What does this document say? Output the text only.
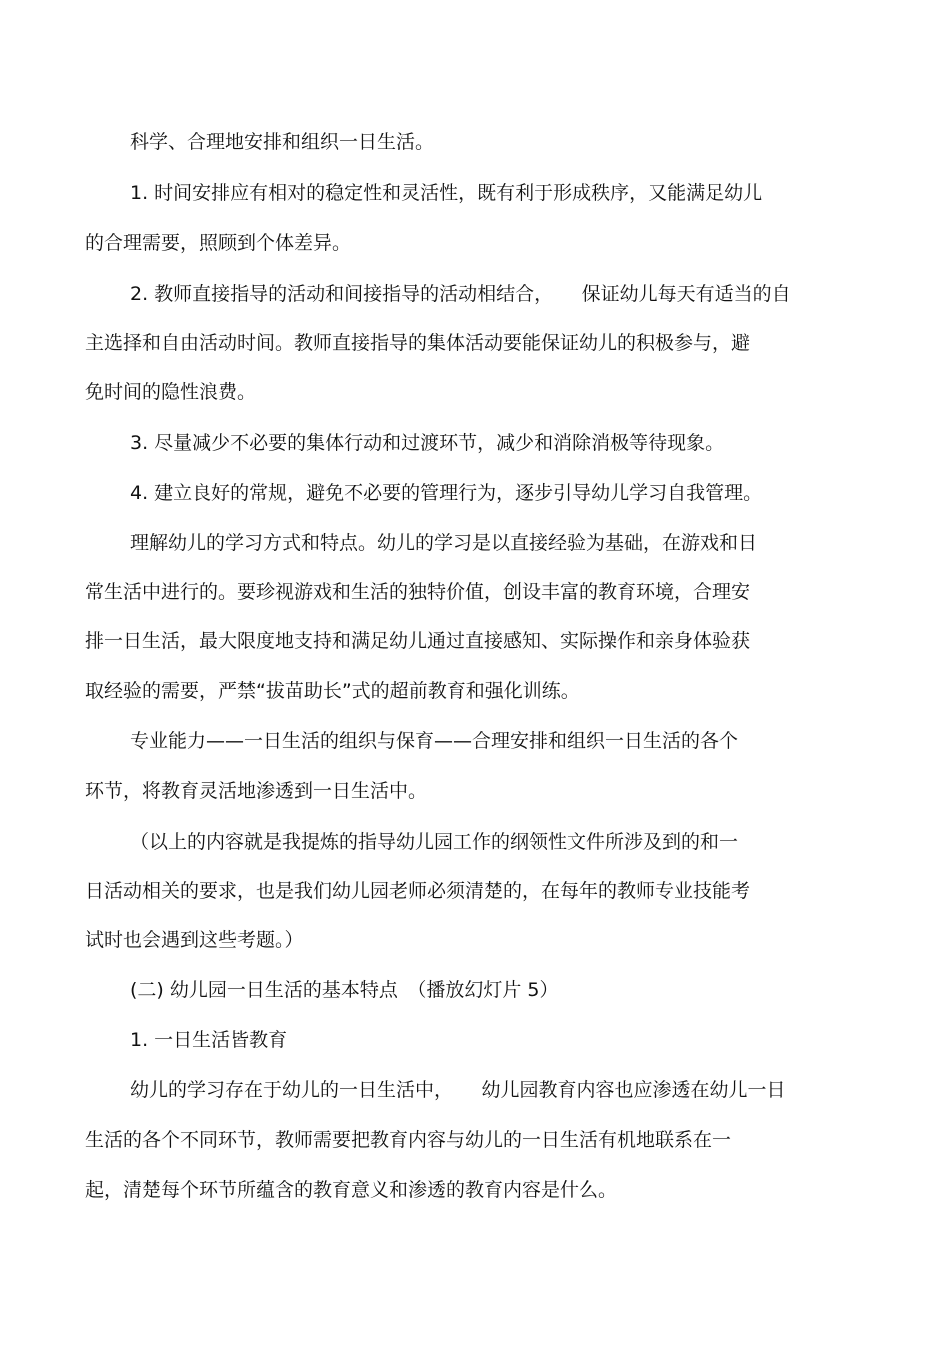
科学、合理地安排和组织一日生活。
1. 时间安排应有相对的稳定性和灵活性，既有利于形成秩序，又能满足幼儿
的合理需要，照顾到个体差异。
2. 教师直接指导的活动和间接指导的活动相结合，　　保证幼儿每天有适当的自
主选择和自由活动时间。教师直接指导的集体活动要能保证幼儿的积极参与，避
免时间的隐性浪费。
3. 尽量减少不必要的集体行动和过渡环节，减少和消除消极等待现象。
4. 建立良好的常规，避免不必要的管理行为，逐步引导幼儿学习自我管理。
理解幼儿的学习方式和特点。幼儿的学习是以直接经验为基础，在游戏和日
常生活中进行的。要珍视游戏和生活的独特价值，创设丰富的教育环境，合理安
排一日生活，最大限度地支持和满足幼儿通过直接感知、实际操作和亲身体验获
取经验的需要，严禁“拔苗助长”式的超前教育和强化训练。
专业能力——一日生活的组织与保育——合理安排和组织一日生活的各个
环节，将教育灵活地渗透到一日生活中。
（以上的内容就是我提炼的指导幼儿园工作的纲领性文件所涉及到的和一
日活动相关的要求，也是我们幼儿园老师必须清楚的，在每年的教师专业技能考
试时也会遇到这些考题。）
(二) 幼儿园一日生活的基本特点　（播放幻灯片 5）
1. 一日生活皆教育
幼儿的学习存在于幼儿的一日生活中，　　幼儿园教育内容也应渗透在幼儿一日
生活的各个不同环节，教师需要把教育内容与幼儿的一日生活有机地联系在一
起，清楚每个环节所蕴含的教育意义和渗透的教育内容是什么。
